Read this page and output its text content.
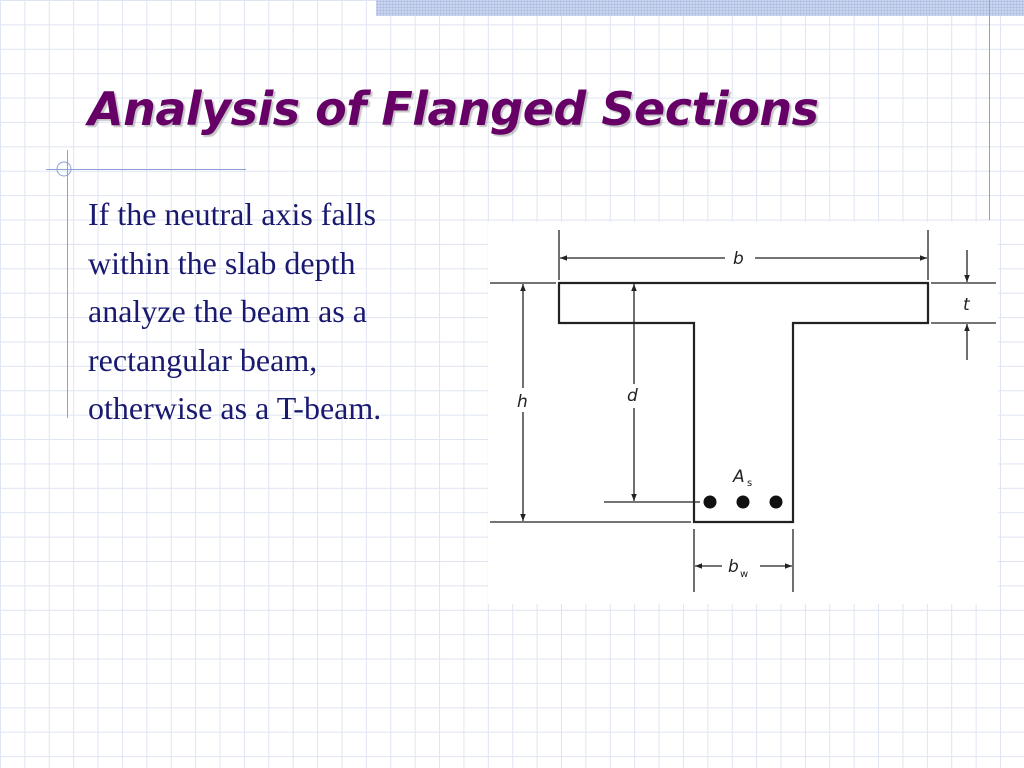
Analysis of Flanged Sections
If the neutral axis falls
within the slab depth
analyze the beam as a
rectangular beam,
otherwise as a T-beam.
b
t
h	d
A s
b w
